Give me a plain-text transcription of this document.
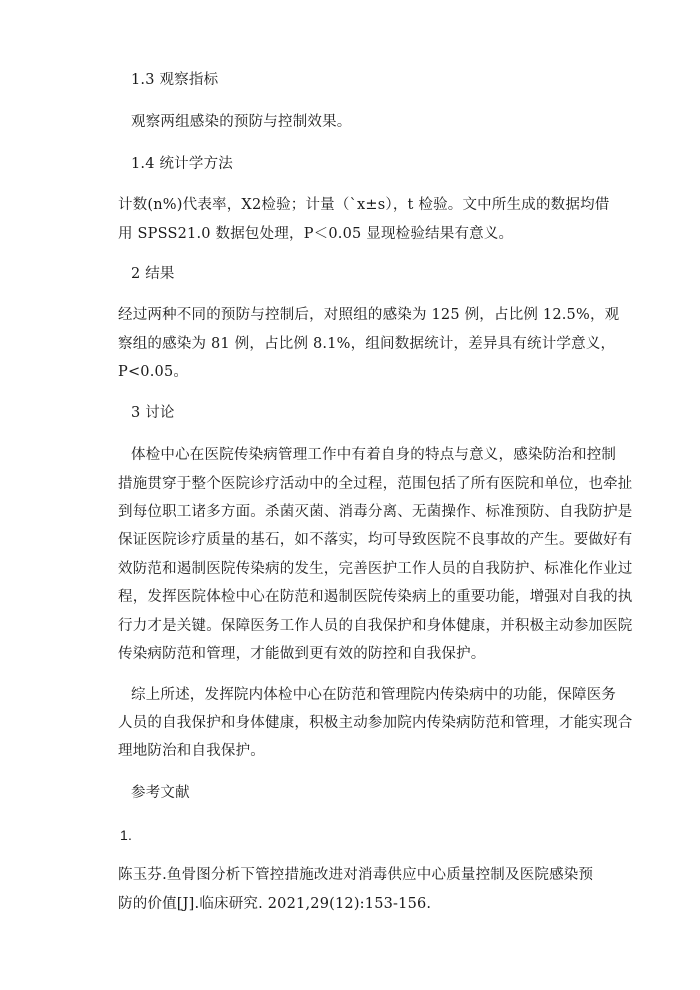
1.3 观察指标
观察两组感染的预防与控制效果。
1.4 统计学方法
计数(n%)代表率，X2检验；计量（`x±s），t 检验。文中所生成的数据均借
用 SPSS21.0 数据包处理，P＜0.05 显现检验结果有意义。
2 结果
经过两种不同的预防与控制后，对照组的感染为 125 例，占比例 12.5%，观
察组的感染为 81 例，占比例 8.1%，组间数据统计，差异具有统计学意义，
P<0.05。
3 讨论
体检中心在医院传染病管理工作中有着自身的特点与意义，感染防治和控制
措施贯穿于整个医院诊疗活动中的全过程，范围包括了所有医院和单位，也牵扯
到每位职工诸多方面。杀菌灭菌、消毒分离、无菌操作、标准预防、自我防护是
保证医院诊疗质量的基石，如不落实，均可导致医院不良事故的产生。要做好有
效防范和遏制医院传染病的发生，完善医护工作人员的自我防护、标准化作业过
程，发挥医院体检中心在防范和遏制医院传染病上的重要功能，增强对自我的执
行力才是关键。保障医务工作人员的自我保护和身体健康，并积极主动参加医院
传染病防范和管理，才能做到更有效的防控和自我保护。
综上所述，发挥院内体检中心在防范和管理院内传染病中的功能，保障医务
人员的自我保护和身体健康，积极主动参加院内传染病防范和管理，才能实现合
理地防治和自我保护。
参考文献
1.
陈玉芬.鱼骨图分析下管控措施改进对消毒供应中心质量控制及医院感染预
防的价值[J].临床研究. 2021,29(12):153-156.
